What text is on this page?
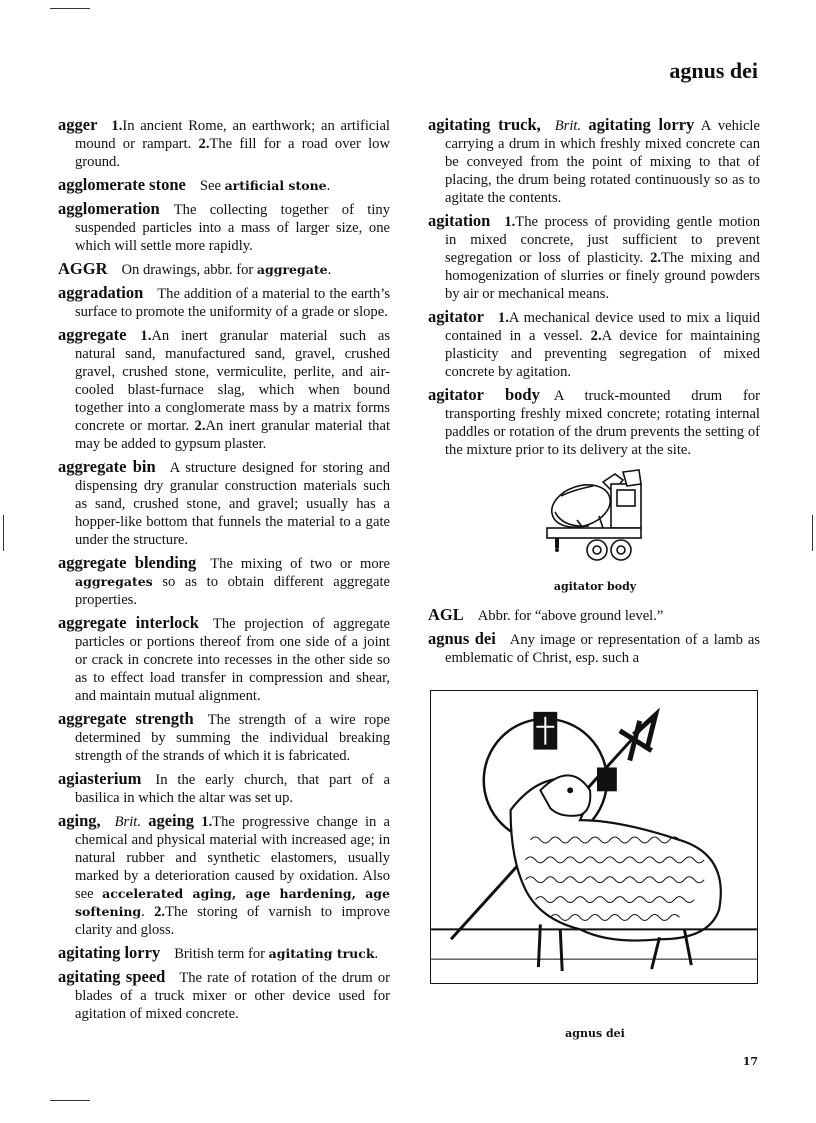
agnus dei

agger 1.In ancient Rome, an earthwork; an artificial mound or rampart. 2.The fill for a road over low ground.

agglomerate stone See artificial stone.

agglomeration The collecting together of tiny suspended particles into a mass of larger size, one which will settle more rapidly.

AGGR On drawings, abbr. for aggregate.

aggradation The addition of a material to the earth’s surface to promote the uniformity of a grade or slope.

aggregate 1.An inert granular material such as natural sand, manufactured sand, gravel, crushed gravel, crushed stone, vermiculite, perlite, and air-cooled blast-furnace slag, which when bound together into a conglomerate mass by a matrix forms concrete or mortar. 2.An inert granular material that may be added to gypsum plaster.

aggregate bin A structure designed for storing and dispensing dry granular construction materials such as sand, crushed stone, and gravel; usually has a hopper-like bottom that funnels the material to a gate under the structure.

aggregate blending The mixing of two or more aggregates so as to obtain different aggregate properties.

aggregate interlock The projection of aggregate particles or portions thereof from one side of a joint or crack in concrete into recesses in the other side so as to effect load transfer in compression and shear, and maintain mutual alignment.

aggregate strength The strength of a wire rope determined by summing the individual breaking strength of the strands of which it is fabricated.

agiasterium In the early church, that part of a basilica in which the altar was set up.

aging, Brit. ageing 1.The progressive change in a chemical and physical material with increased age; in natural rubber and synthetic elastomers, usually marked by a deterioration caused by oxidation. Also see accelerated aging, age hardening, age softening. 2.The storing of varnish to improve clarity and gloss.

agitating lorry British term for agitating truck.

agitating speed The rate of rotation of the drum or blades of a truck mixer or other device used for agitation of mixed concrete.

agitating truck, Brit. agitating lorry A vehicle carrying a drum in which freshly mixed concrete can be conveyed from the point of mixing to that of placing, the drum being rotated continuously so as to agitate the contents.

agitation 1.The process of providing gentle motion in mixed concrete, just sufficient to prevent segregation or loss of plasticity. 2.The mixing and homogenization of slurries or finely ground powders by air or mechanical means.

agitator 1.A mechanical device used to mix a liquid contained in a vessel. 2.A device for maintaining plasticity and preventing segregation of mixed concrete by agitation.

agitator body A truck-mounted drum for transporting freshly mixed concrete; rotating internal paddles or rotation of the drum prevents the setting of the mixture prior to its delivery at the site.

AGL Abbr. for “above ground level.”

agnus dei Any image or representation of a lamb as emblematic of Christ, esp. such a

agitator body
agnus dei
17
